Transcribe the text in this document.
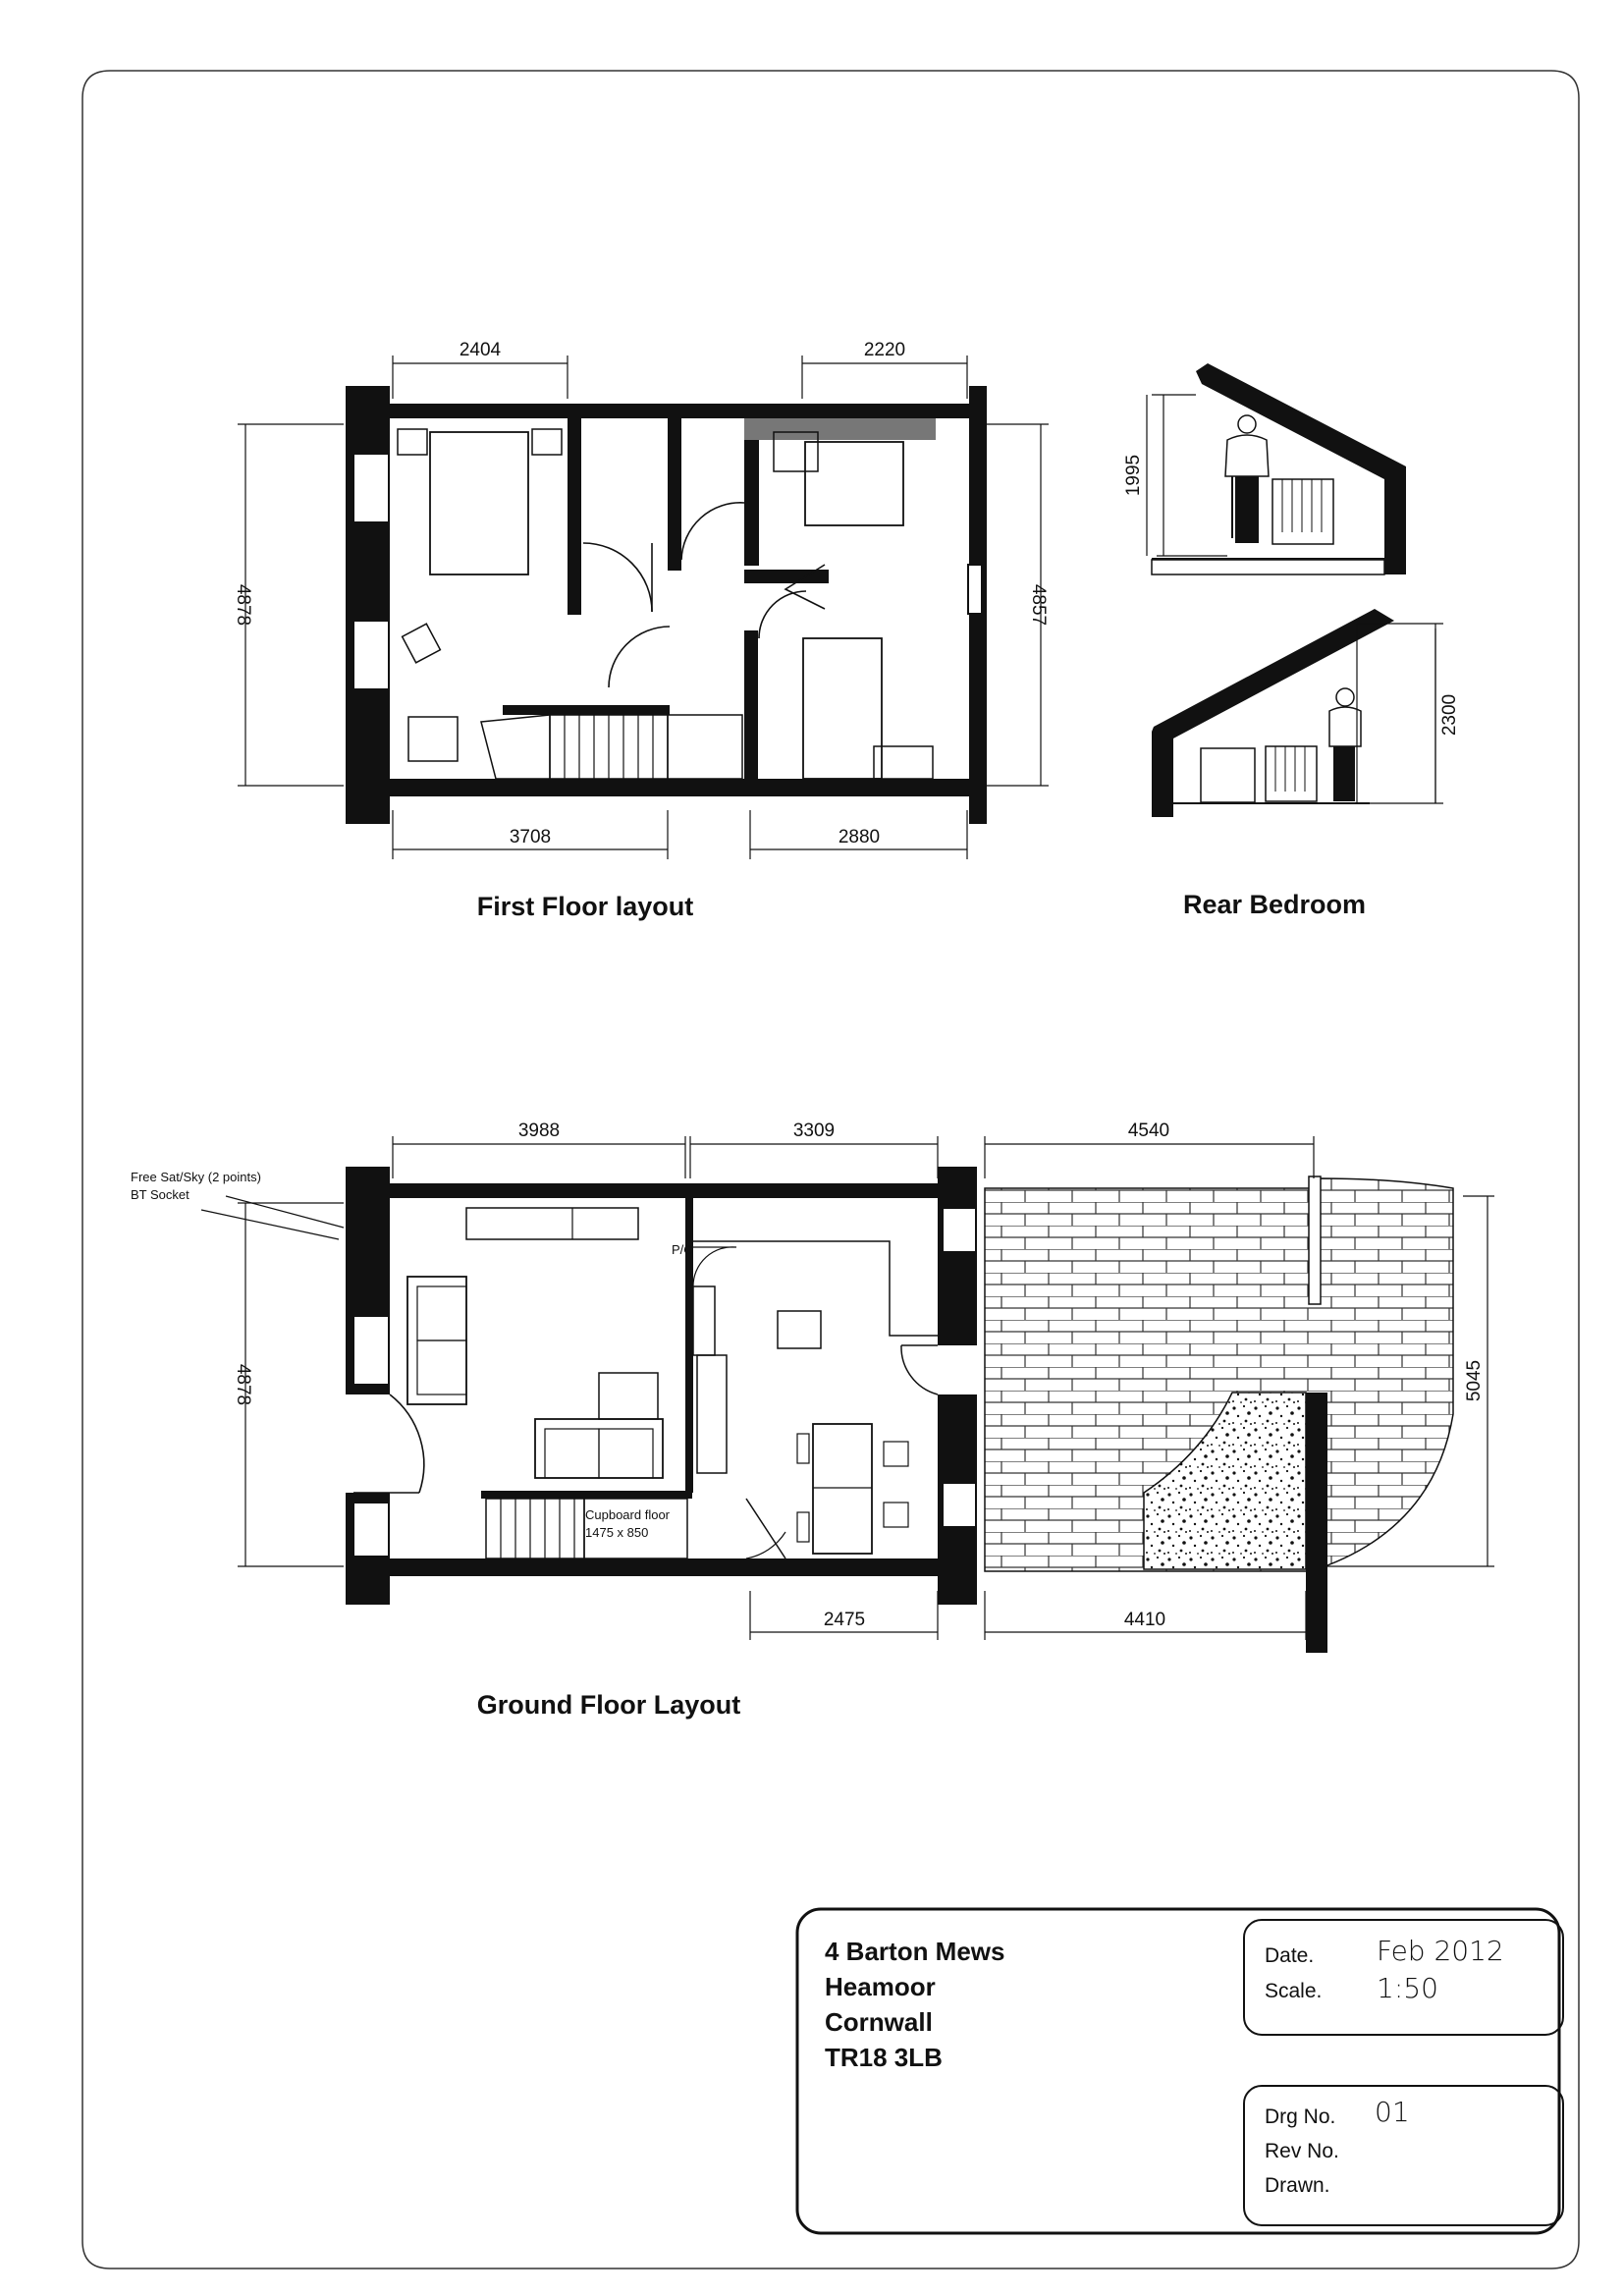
2404	2220
3708	2880
4878	4857
First Floor layout
1995
2300
Rear Bedroom
3988	3309	4540
4878	5045
2475	4410
Free Sat/Sky (2 points)
BT Socket
Cupboard floor
1475 x 850
P/C
Ground Floor Layout
4 Barton Mews
Heamoor
Cornwall
TR18 3LB
Date. Feb 2012
Scale. 1:50
Drg No. 01
Rev No.
Drawn.
